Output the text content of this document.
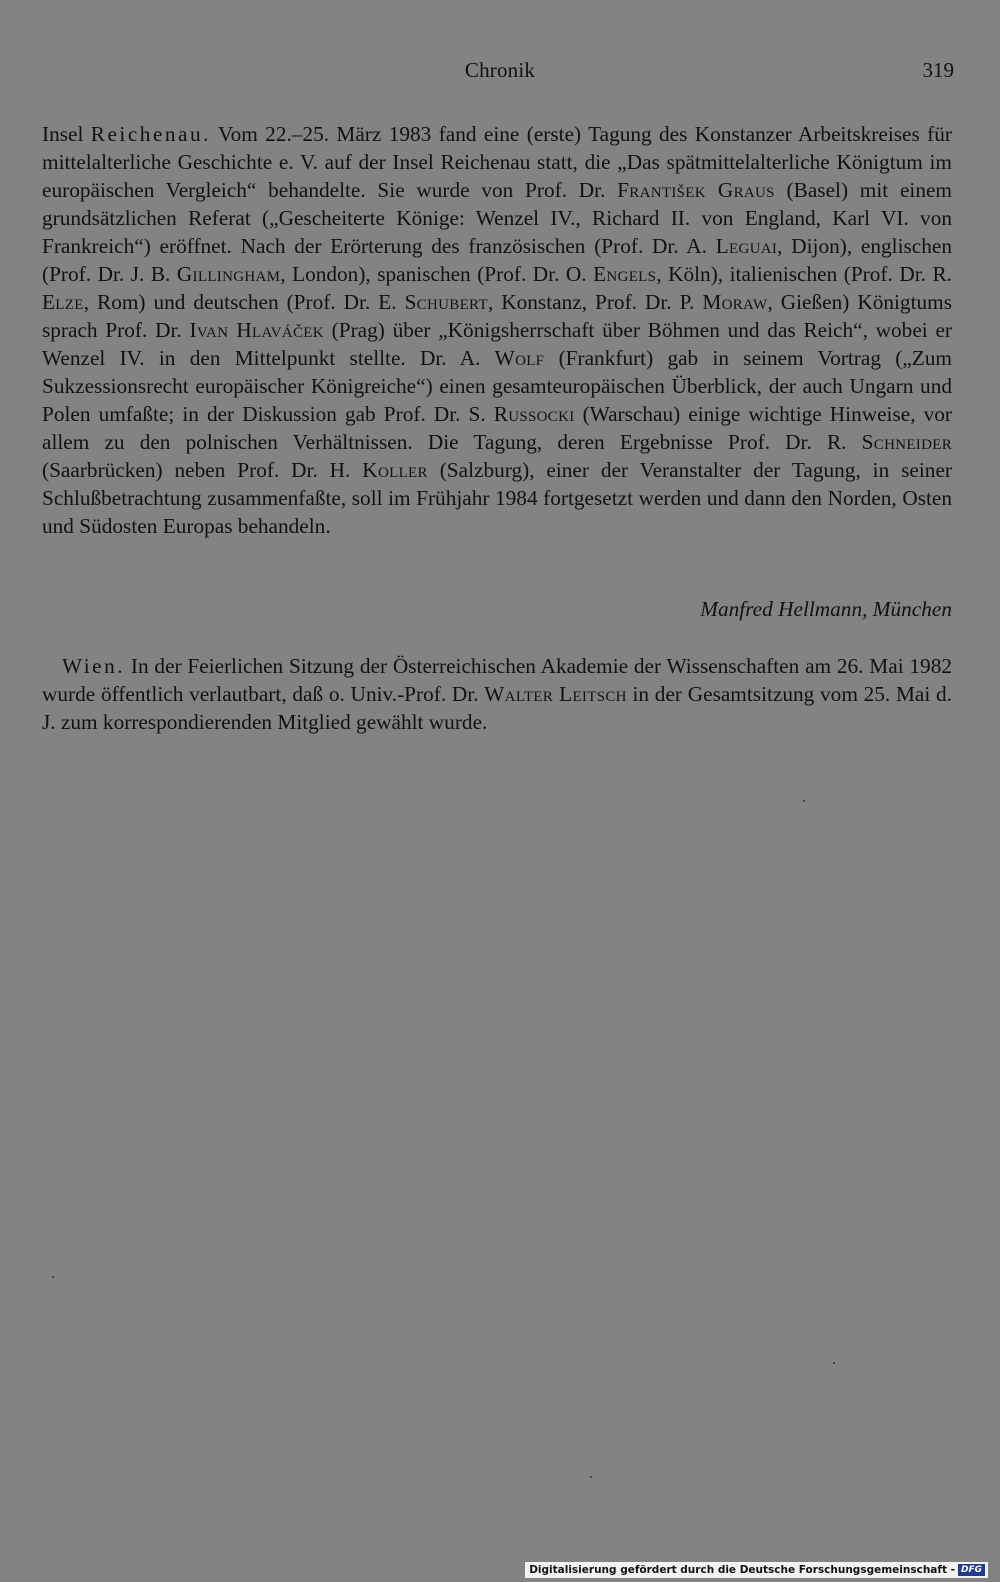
Chronik	319

Insel Reichenau. Vom 22.–25. März 1983 fand eine (erste) Tagung des Konstanzer Arbeitskreises für mittelalterliche Geschichte e. V. auf der Insel Reichenau statt, die „Das spätmittelalterliche Königtum im europäischen Vergleich“ behandelte. Sie wurde von Prof. Dr. František Graus (Basel) mit einem grundsätzlichen Referat („Gescheiterte Könige: Wenzel IV., Richard II. von England, Karl VI. von Frankreich“) eröffnet. Nach der Erörterung des französischen (Prof. Dr. A. Leguai, Dijon), englischen (Prof. Dr. J. B. Gillingham, London), spanischen (Prof. Dr. O. Engels, Köln), italienischen (Prof. Dr. R. Elze, Rom) und deutschen (Prof. Dr. E. Schubert, Konstanz, Prof. Dr. P. Moraw, Gießen) Königtums sprach Prof. Dr. Ivan Hlaváček (Prag) über „Königsherrschaft über Böhmen und das Reich“, wobei er Wenzel IV. in den Mittelpunkt stellte. Dr. A. Wolf (Frankfurt) gab in seinem Vortrag („Zum Sukzessionsrecht europäischer Königreiche“) einen gesamteuropäischen Überblick, der auch Ungarn und Polen umfaßte; in der Diskussion gab Prof. Dr. S. Russocki (Warschau) einige wichtige Hinweise, vor allem zu den polnischen Verhältnissen. Die Tagung, deren Ergebnisse Prof. Dr. R. Schneider (Saarbrücken) neben Prof. Dr. H. Koller (Salzburg), einer der Veranstalter der Tagung, in seiner Schlußbetrachtung zusammenfaßte, soll im Frühjahr 1984 fortgesetzt werden und dann den Norden, Osten und Südosten Europas behandeln.

Manfred Hellmann, München

Wien. In der Feierlichen Sitzung der Österreichischen Akademie der Wissenschaften am 26. Mai 1982 wurde öffentlich verlautbart, daß o. Univ.-Prof. Dr. Walter Leitsch in der Gesamtsitzung vom 25. Mai d. J. zum korrespondierenden Mitglied gewählt wurde.

Digitalisierung gefördert durch die Deutsche Forschungsgemeinschaft - DFG
